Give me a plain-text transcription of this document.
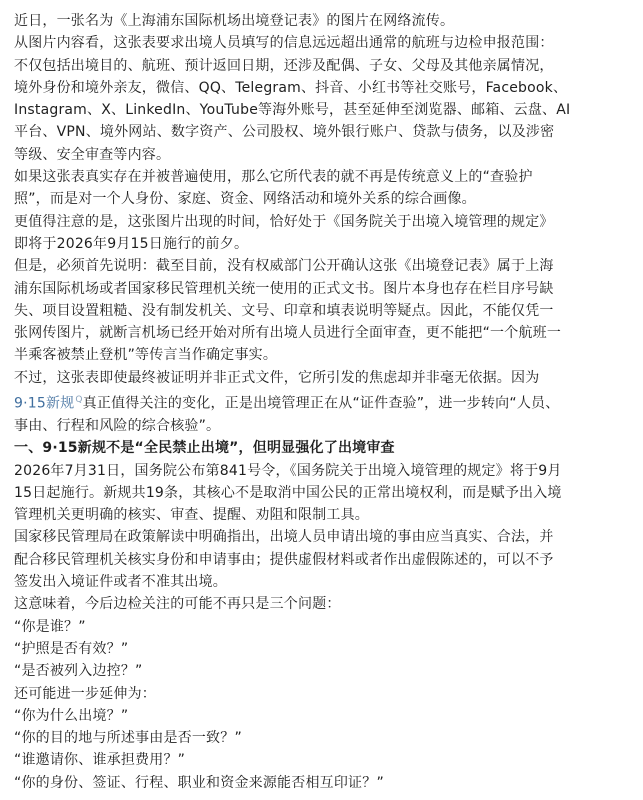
近日，一张名为《上海浦东国际机场出境登记表》的图片在网络流传。
从图片内容看，这张表要求出境人员填写的信息远远超出通常的航班与边检申报范围：
不仅包括出境目的、航班、预计返回日期，还涉及配偶、子女、父母及其他亲属情况，
境外身份和境外亲友，微信、QQ、Telegram、抖音、小红书等社交账号，Facebook、
Instagram、X、LinkedIn、YouTube等海外账号，甚至延伸至浏览器、邮箱、云盘、AI
平台、VPN、境外网站、数字资产、公司股权、境外银行账户、贷款与债务，以及涉密
等级、安全审查等内容。
如果这张表真实存在并被普遍使用，那么它所代表的就不再是传统意义上的“查验护
照”，而是对一个人身份、家庭、资金、网络活动和境外关系的综合画像。
更值得注意的是，这张图片出现的时间，恰好处于《国务院关于出境入境管理的规定》
即将于2026年9月15日施行的前夕。
但是，必须首先说明：截至目前，没有权威部门公开确认这张《出境登记表》属于上海
浦东国际机场或者国家移民管理机关统一使用的正式文书。图片本身也存在栏目序号缺
失、项目设置粗糙、没有制发机关、文号、印章和填表说明等疑点。因此，不能仅凭一
张网传图片，就断言机场已经开始对所有出境人员进行全面审查，更不能把“一个航班一
半乘客被禁止登机”等传言当作确定事实。
不过，这张表即使最终被证明并非正式文件，它所引发的焦虑却并非毫无依据。因为
9·15新规$^Q$真正值得关注的变化，正是出境管理正在从“证件查验”，进一步转向“人员、
事由、行程和风险的综合核验”。
一、9·15新规不是“全民禁止出境”，但明显强化了出境审查
2026年7月31日，国务院公布第841号令，《国务院关于出境入境管理的规定》将于9月
15日起施行。新规共19条，其核心不是取消中国公民的正常出境权利，而是赋予出入境
管理机关更明确的核实、审查、提醒、劝阻和限制工具。
国家移民管理局在政策解读中明确指出，出境人员申请出境的事由应当真实、合法，并
配合移民管理机关核实身份和申请事由；提供虚假材料或者作出虚假陈述的，可以不予
签发出入境证件或者不准其出境。
这意味着，今后边检关注的可能不再只是三个问题：
“你是谁？”
“护照是否有效？”
“是否被列入边控？”
还可能进一步延伸为：
“你为什么出境？”
“你的目的地与所述事由是否一致？”
“谁邀请你、谁承担费用？”
“你的身份、签证、行程、职业和资金来源能否相互印证？”
